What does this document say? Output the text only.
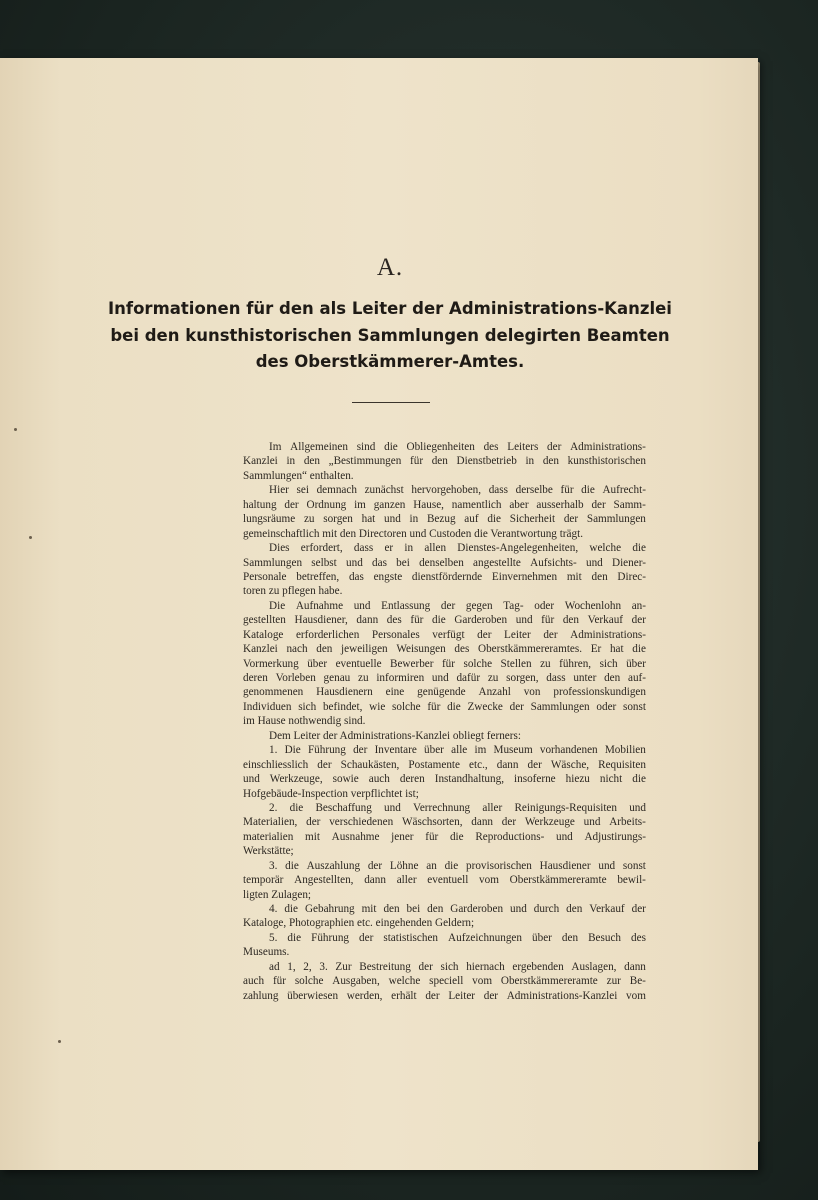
A.
Informationen für den als Leiter der Administrations-Kanzlei
bei den kunsthistorischen Sammlungen delegirten Beamten
des Oberstkämmerer-Amtes.
Im Allgemeinen sind die Obliegenheiten des Leiters der Administrations-
Kanzlei in den „Bestimmungen für den Dienstbetrieb in den kunsthistorischen
Sammlungen“ enthalten.
Hier sei demnach zunächst hervorgehoben, dass derselbe für die Aufrecht-
haltung der Ordnung im ganzen Hause, namentlich aber ausserhalb der Samm-
lungsräume zu sorgen hat und in Bezug auf die Sicherheit der Sammlungen
gemeinschaftlich mit den Directoren und Custoden die Verantwortung trägt.
Dies erfordert, dass er in allen Dienstes-Angelegenheiten, welche die
Sammlungen selbst und das bei denselben angestellte Aufsichts- und Diener-
Personale betreffen, das engste dienstfördernde Einvernehmen mit den Direc-
toren zu pflegen habe.
Die Aufnahme und Entlassung der gegen Tag- oder Wochenlohn an-
gestellten Hausdiener, dann des für die Garderoben und für den Verkauf der
Kataloge erforderlichen Personales verfügt der Leiter der Administrations-
Kanzlei nach den jeweiligen Weisungen des Oberstkämmereramtes. Er hat die
Vormerkung über eventuelle Bewerber für solche Stellen zu führen, sich über
deren Vorleben genau zu informiren und dafür zu sorgen, dass unter den auf-
genommenen Hausdienern eine genügende Anzahl von professionskundigen
Individuen sich befindet, wie solche für die Zwecke der Sammlungen oder sonst
im Hause nothwendig sind.
Dem Leiter der Administrations-Kanzlei obliegt ferners:
1. Die Führung der Inventare über alle im Museum vorhandenen Mobilien
einschliesslich der Schaukästen, Postamente etc., dann der Wäsche, Requisiten
und Werkzeuge, sowie auch deren Instandhaltung, insoferne hiezu nicht die
Hofgebäude-Inspection verpflichtet ist;
2. die Beschaffung und Verrechnung aller Reinigungs-Requisiten und
Materialien, der verschiedenen Wäschsorten, dann der Werkzeuge und Arbeits-
materialien mit Ausnahme jener für die Reproductions- und Adjustirungs-
Werkstätte;
3. die Auszahlung der Löhne an die provisorischen Hausdiener und sonst
temporär Angestellten, dann aller eventuell vom Oberstkämmereramte bewil-
ligten Zulagen;
4. die Gebahrung mit den bei den Garderoben und durch den Verkauf der
Kataloge, Photographien etc. eingehenden Geldern;
5. die Führung der statistischen Aufzeichnungen über den Besuch des
Museums.
ad 1, 2, 3. Zur Bestreitung der sich hiernach ergebenden Auslagen, dann
auch für solche Ausgaben, welche speciell vom Oberstkämmereramte zur Be-
zahlung überwiesen werden, erhält der Leiter der Administrations-Kanzlei vom
